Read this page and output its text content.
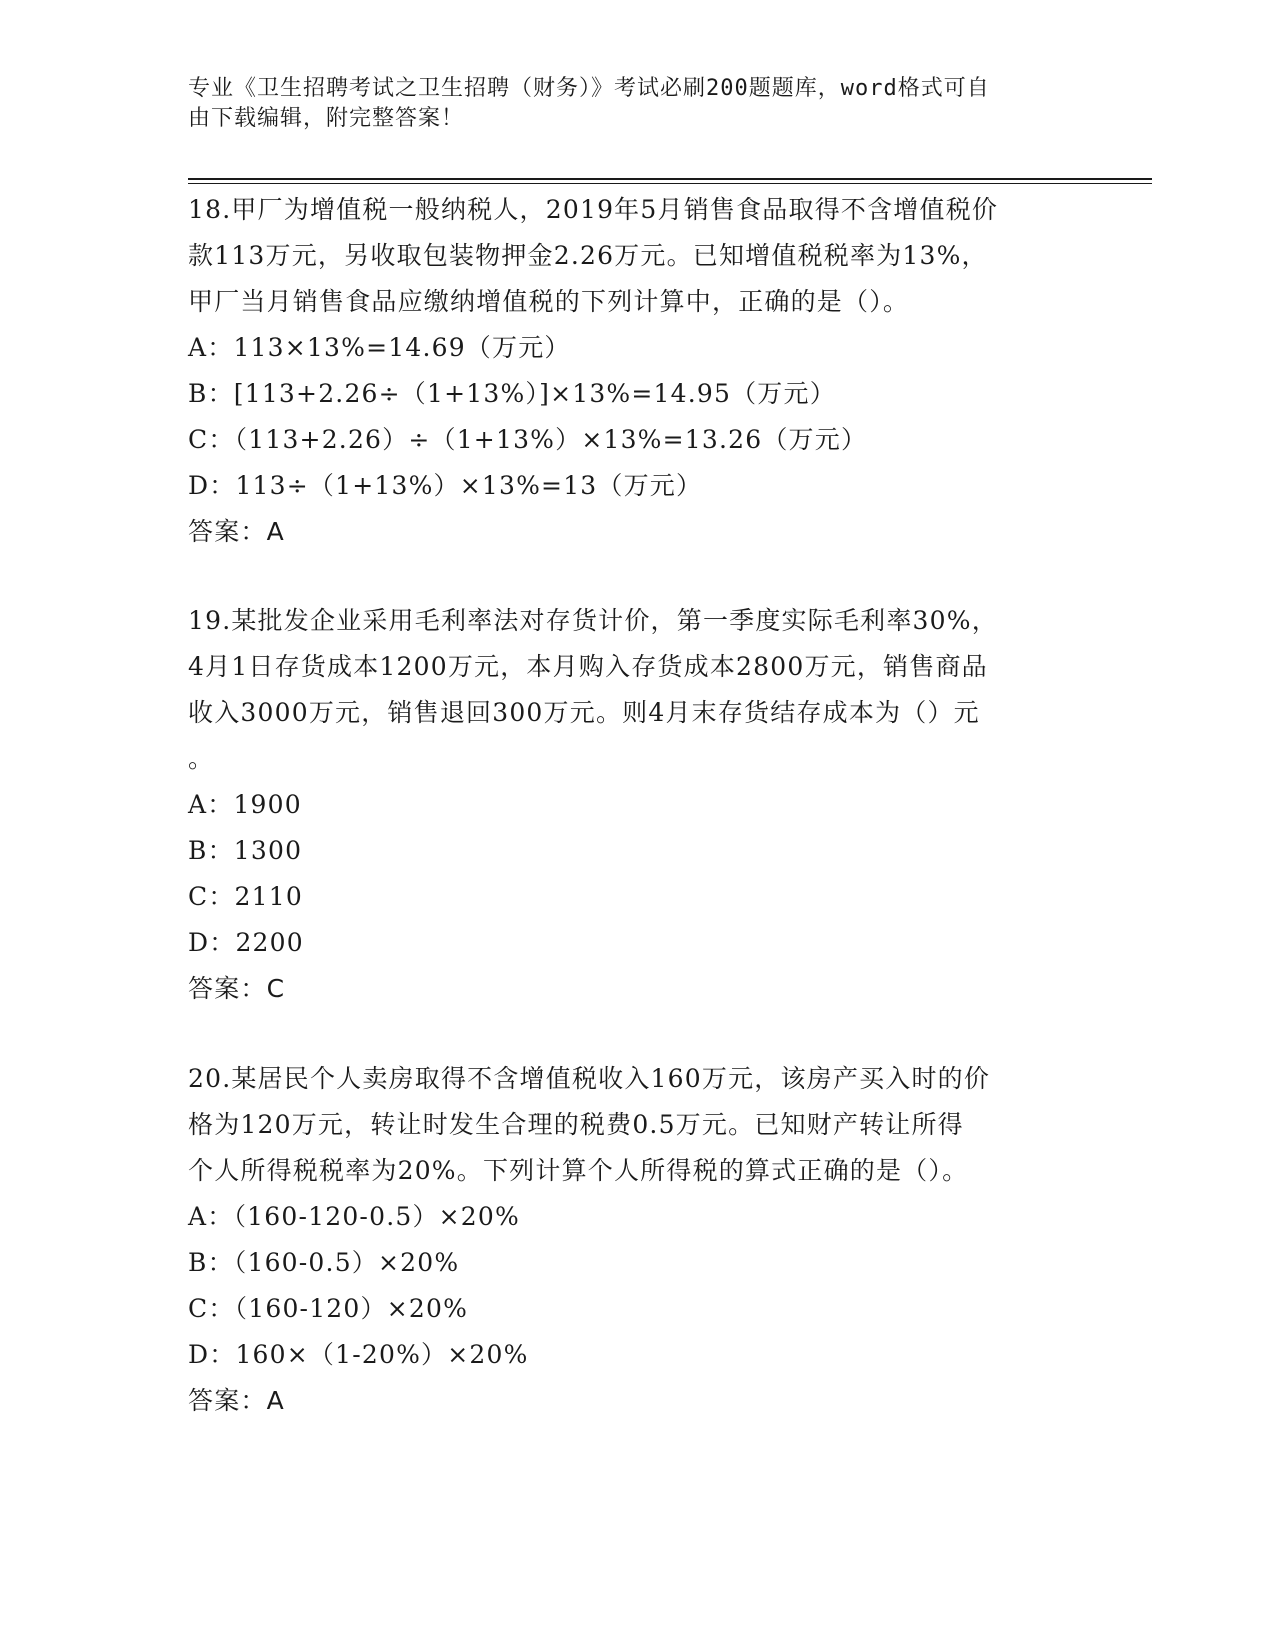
专业《卫生招聘考试之卫生招聘（财务）》考试必刷200题题库，word格式可自
由下载编辑，附完整答案！

18.甲厂为增值税一般纳税人，2019年5月销售食品取得不含增值税价

款113万元，另收取包装物押金2.26万元。已知增值税税率为13%，

甲厂当月销售食品应缴纳增值税的下列计算中，正确的是（）。

A：113×13%=14.69（万元）

B：[113+2.26÷（1+13%）]×13%=14.95（万元）

C：（113+2.26）÷（1+13%）×13%=13.26（万元）

D：113÷（1+13%）×13%=13（万元）

答案：A

19.某批发企业采用毛利率法对存货计价，第一季度实际毛利率30%，

4月1日存货成本1200万元，本月购入存货成本2800万元，销售商品

收入3000万元，销售退回300万元。则4月末存货结存成本为（）元

。

A：1900

B：1300

C：2110

D：2200

答案：C

20.某居民个人卖房取得不含增值税收入160万元，该房产买入时的价

格为120万元，转让时发生合理的税费0.5万元。已知财产转让所得

个人所得税税率为20%。下列计算个人所得税的算式正确的是（）。

A：（160-120-0.5）×20%

B：（160-0.5）×20%

C：（160-120）×20%

D：160×（1-20%）×20%

答案：A
